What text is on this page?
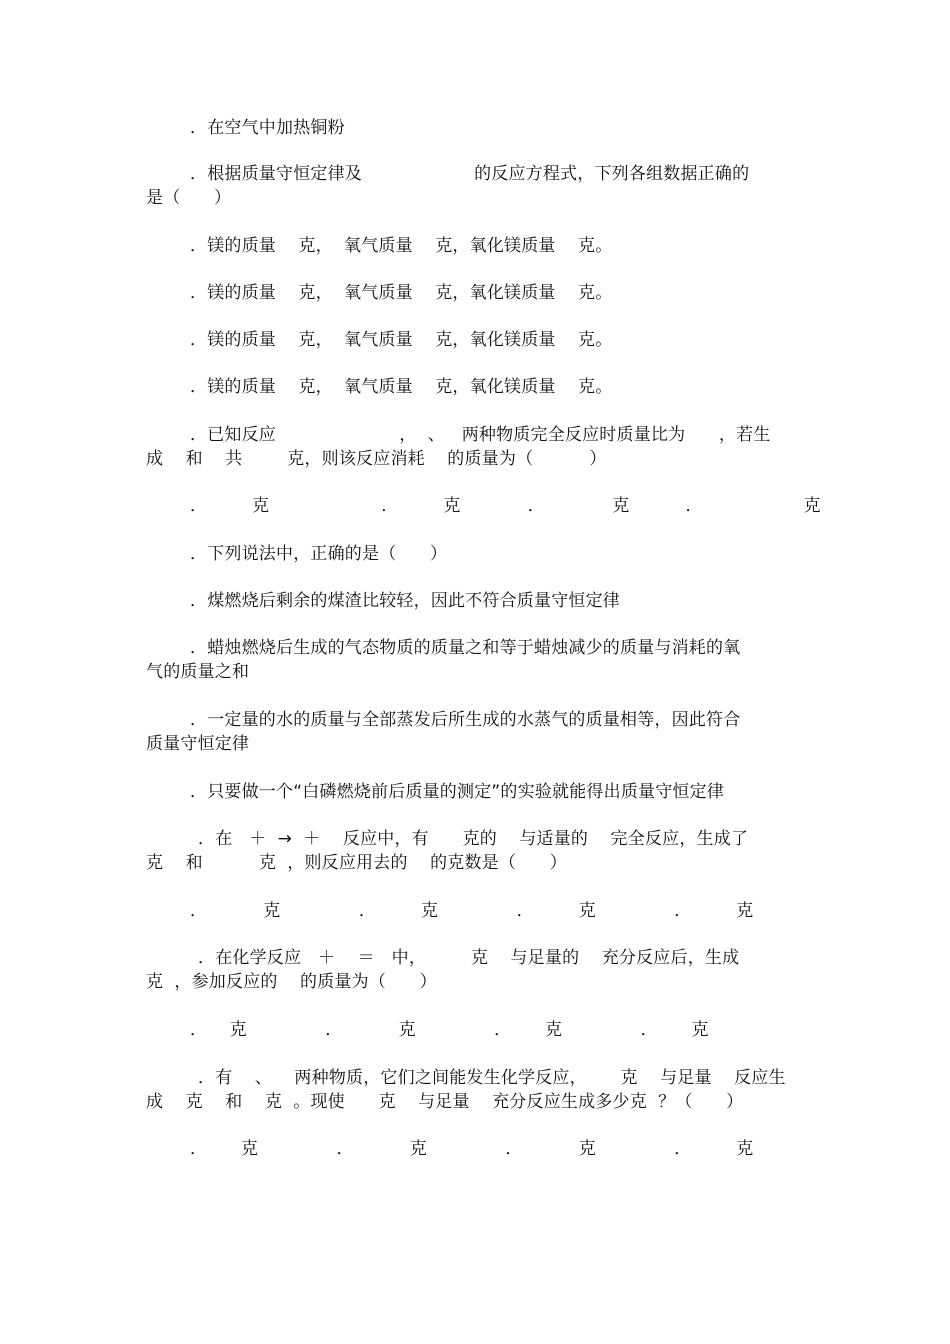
．在空气中加热铜粉
．根据质量守恒定律及                    的反应方程式，下列各组数据正确的
是（      ）
．镁的质量    克，  氧气质量    克，氧化镁质量    克。
．镁的质量    克，  氧气质量    克，氧化镁质量    克。
．镁的质量    克，  氧气质量    克，氧化镁质量    克。
．镁的质量    克，  氧气质量    克，氧化镁质量    克。
．已知反应                      ，  、   两种物质完全反应时质量比为      ，若生
成    和    共        克，则该反应消耗    的质量为（          ）
．        克                    ．        克            ．            克          ．                  克
．下列说法中，正确的是（      ）
．煤燃烧后剩余的煤渣比较轻，因此不符合质量守恒定律
．蜡烛燃烧后生成的气态物质的质量之和等于蜡烛减少的质量与消耗的氧
气的质量之和
．一定量的水的质量与全部蒸发后所生成的水蒸气的质量相等，因此符合
质量守恒定律
．只要做一个“白磷燃烧前后质量的测定”的实验就能得出质量守恒定律
．在   ＋  →  ＋    反应中，有      克的    与适量的    完全反应，生成了
克    和          克  ，则反应用去的    的克数是（      ）
．          克              ．        克              ．        克              ．        克
．在化学反应   ＋    ＝   中，        克    与足量的    充分反应后，生成
克  ，参加反应的    的质量为（      ）
．    克              ．          克              ．      克              ．      克
．有    、    两种物质，它们之间能发生化学反应，      克    与足量    反应生
成    克    和    克  。现使      克    与足量    充分反应生成多少克  ？（      ）
．      克              ．          克              ．          克              ．        克
